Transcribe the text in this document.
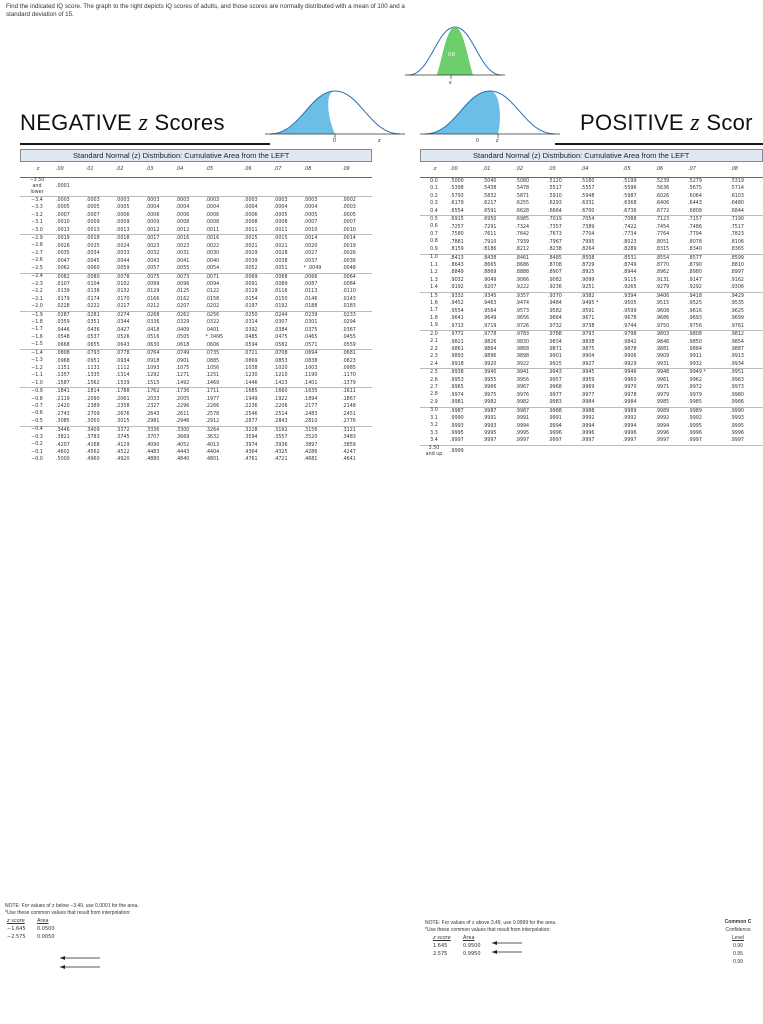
Find the indicated IQ score. The graph to the right depicts IQ scores of adults, and those scores are normally distributed with a mean of 100 and a standard deviation of 15.
0.8
x
NEGATIVE z Scores
0	z
Standard Normal (z) Distribution: Cumulative Area from the LEFT
z	.00	.01	.02	.03	.04	.05	.06	.07	.08	.09
−3.50
and
lower	.0001									
−3.4	.0003	.0003	.0003	.0003	.0003	.0003	.0003	.0003	.0003	.0002
−3.3	.0005	.0005	.0005	.0004	.0004	.0004	.0004	.0004	.0004	.0003
−3.2	.0007	.0007	.0006	.0006	.0006	.0006	.0006	.0005	.0005	.0005
−3.1	.0010	.0009	.0009	.0009	.0008	.0008	.0008	.0008	.0007	.0007
−3.0	.0013	.0013	.0013	.0012	.0012	.0011	.0011	.0011	.0010	.0010
−2.9	.0019	.0018	.0018	.0017	.0016	.0016	.0015	.0015	.0014	.0014
−2.8	.0026	.0025	.0024	.0023	.0023	.0022	.0021	.0021	.0020	.0019
−2.7	.0035	.0034	.0033	.0032	.0031	.0030	.0029	.0028	.0027	.0026
−2.6	.0047	.0045	.0044	.0043	.0041	.0040	.0039	.0038	.0037	.0036
−2.5	.0062	.0060	.0059	.0057	.0055	.0054	.0052	.0051	* .0049	.0048
−2.4	.0082	.0080	.0078	.0075	.0073	.0071	.0069	.0068	.0066	.0064
−2.3	.0107	.0104	.0102	.0099	.0096	.0094	.0091	.0089	.0087	.0084
−2.2	.0139	.0136	.0132	.0129	.0125	.0122	.0119	.0116	.0113	.0110
−2.1	.0179	.0174	.0170	.0166	.0162	.0158	.0154	.0150	.0146	.0143
−2.0	.0228	.0222	.0217	.0212	.0207	.0202	.0197	.0192	.0188	.0183
−1.9	.0287	.0281	.0274	.0268	.0262	.0256	.0250	.0244	.0239	.0233
−1.8	.0359	.0351	.0344	.0336	.0329	.0322	.0314	.0307	.0301	.0294
−1.7	.0446	.0436	.0427	.0418	.0409	.0401	.0392	.0384	.0375	.0367
−1.6	.0548	.0537	.0526	.0516	.0505	* .0495	.0485	.0475	.0465	.0455
−1.5	.0668	.0655	.0643	.0630	.0618	.0606	.0594	.0582	.0571	.0559
−1.4	.0808	.0793	.0778	.0764	.0749	.0735	.0721	.0708	.0694	.0681
−1.3	.0968	.0951	.0934	.0918	.0901	.0885	.0869	.0853	.0838	.0823
−1.2	.1151	.1131	.1112	.1093	.1075	.1056	.1038	.1020	.1003	.0985
−1.1	.1357	.1335	.1314	.1292	.1271	.1251	.1230	.1210	.1190	.1170
−1.0	.1587	.1562	.1539	.1515	.1492	.1469	.1446	.1423	.1401	.1379
−0.9	.1841	.1814	.1788	.1762	.1736	.1711	.1685	.1660	.1635	.1611
−0.8	.2119	.2090	.2061	.2033	.2005	.1977	.1949	.1922	.1894	.1867
−0.7	.2420	.2389	.2358	.2327	.2296	.2266	.2236	.2206	.2177	.2148
−0.6	.2743	.2709	.2676	.2643	.2611	.2578	.2546	.2514	.2483	.2451
−0.5	.3085	.3050	.3015	.2981	.2946	.2912	.2877	.2843	.2810	.2776
−0.4	.3446	.3409	.3372	.3336	.3300	.3264	.3228	.3192	.3156	.3121
−0.3	.3821	.3783	.3745	.3707	.3669	.3632	.3594	.3557	.3520	.3483
−0.2	.4207	.4168	.4129	.4090	.4052	.4013	.3974	.3936	.3897	.3859
−0.1	.4602	.4562	.4522	.4483	.4443	.4404	.4364	.4325	.4286	.4247
−0.0	.5000	.4960	.4920	.4880	.4840	.4801	.4761	.4721	.4681	.4641
NOTE: For values of z below −3.49, use 0.0001 for the area.
*Use these common values that result from interpolation:
z score	Area
−1.645	0.0500
−2.575	0.0050
POSITIVE z Scor
0	z
Standard Normal (z) Distribution: Cumulative Area from the LEFT
z	.00	.01	.02	.03	.04	.05	.06	.07	.08
0.0	.5000	.5040	.5080	.5120	.5160	.5199	.5239	.5279	.5319
0.1	.5398	.5438	.5478	.5517	.5557	.5596	.5636	.5675	.5714
0.2	.5793	.5832	.5871	.5910	.5948	.5987	.6026	.6064	.6103
0.3	.6179	.6217	.6255	.6293	.6331	.6368	.6406	.6443	.6480
0.4	.6554	.6591	.6628	.6664	.6700	.6736	.6772	.6808	.6844
0.5	.6915	.6950	.6985	.7019	.7054	.7088	.7123	.7157	.7190
0.6	.7257	.7291	.7324	.7357	.7389	.7422	.7454	.7486	.7517
0.7	.7580	.7611	.7642	.7673	.7704	.7734	.7764	.7794	.7823
0.8	.7881	.7910	.7939	.7967	.7995	.8023	.8051	.8078	.8106
0.9	.8159	.8186	.8212	.8238	.8264	.8289	.8315	.8340	.8365
1.0	.8413	.8438	.8461	.8485	.8508	.8531	.8554	.8577	.8599
1.1	.8643	.8665	.8686	.8708	.8729	.8749	.8770	.8790	.8810
1.2	.8849	.8869	.8888	.8907	.8925	.8944	.8962	.8980	.8997
1.3	.9032	.9049	.9066	.9082	.9099	.9115	.9131	.9147	.9162
1.4	.9192	.9207	.9222	.9236	.9251	.9265	.9279	.9292	.9306
1.5	.9332	.9345	.9357	.9370	.9382	.9394	.9406	.9418	.9429
1.6	.9452	.9463	.9474	.9484	.9495 *	.9505	.9515	.9525	.9535
1.7	.9554	.9564	.9573	.9582	.9591	.9599	.9608	.9616	.9625
1.8	.9641	.9649	.9656	.9664	.9671	.9678	.9686	.9693	.9699
1.9	.9713	.9719	.9726	.9732	.9738	.9744	.9750	.9756	.9761
2.0	.9772	.9778	.9783	.9788	.9793	.9798	.9803	.9808	.9812
2.1	.9821	.9826	.9830	.9834	.9838	.9842	.9846	.9850	.9854
2.2	.9861	.9864	.9868	.9871	.9875	.9878	.9881	.9884	.9887
2.3	.9893	.9896	.9898	.9901	.9904	.9906	.9909	.9911	.9913
2.4	.9918	.9920	.9922	.9925	.9927	.9929	.9931	.9932	.9934
2.5	.9938	.9940	.9941	.9943	.9945	.9946	.9948	.9949 *	.9951
2.6	.9953	.9955	.9956	.9957	.9959	.9960	.9961	.9962	.9963
2.7	.9965	.9966	.9967	.9968	.9969	.9970	.9971	.9972	.9973
2.8	.9974	.9975	.9976	.9977	.9977	.9978	.9979	.9979	.9980
2.9	.9981	.9982	.9982	.9983	.9984	.9984	.9985	.9985	.9986
3.0	.9987	.9987	.9987	.9988	.9988	.9989	.9989	.9989	.9990
3.1	.9990	.9991	.9991	.9991	.9992	.9992	.9992	.9992	.9993
3.2	.9993	.9993	.9994	.9994	.9994	.9994	.9994	.9995	.9995
3.3	.9995	.9995	.9995	.9996	.9996	.9996	.9996	.9996	.9996
3.4	.9997	.9997	.9997	.9997	.9997	.9997	.9997	.9997	.9997
3.50
and up	.9999								
NOTE: For values of z above 3.49, use 0.9999 for the area.
*Use these common values that result from interpolation:
z score	Area
1.645	0.9500
2.575	0.9950
Common C
Confidence
Level
0.90
0.95
0.99
